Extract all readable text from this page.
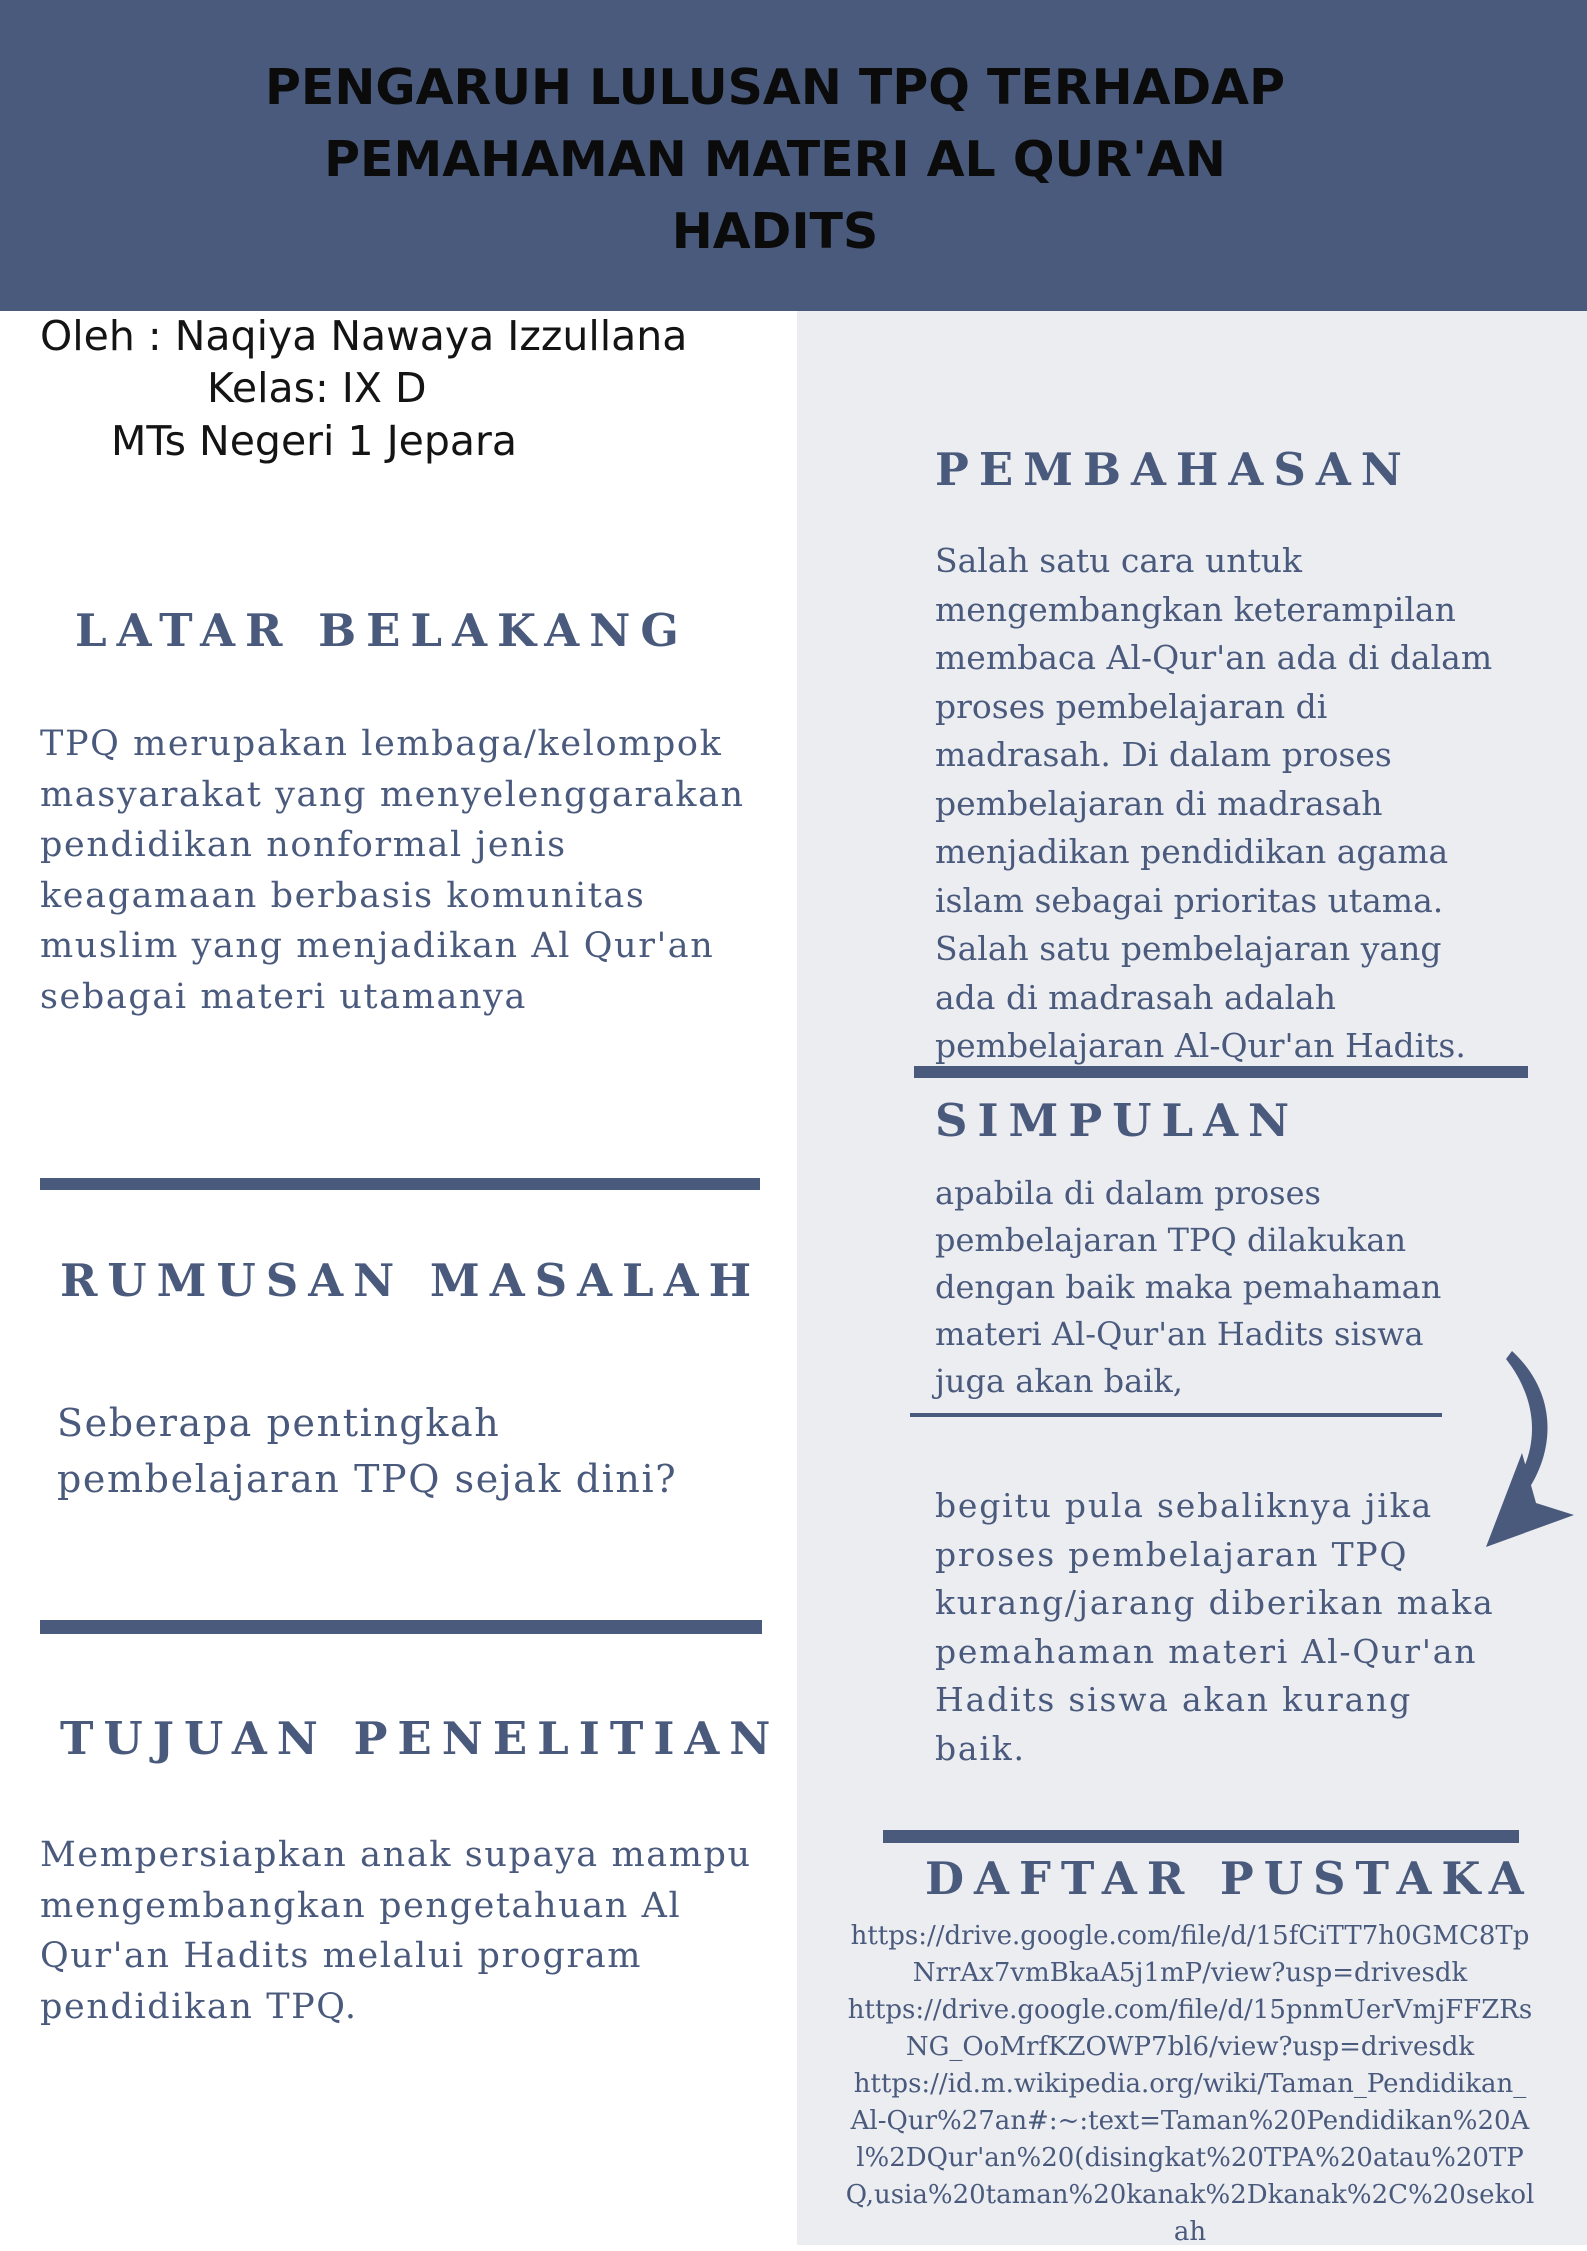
PENGARUH LULUSAN TPQ TERHADAP
PEMAHAMAN MATERI AL QUR'AN
HADITS

Oleh : Naqiya Nawaya Izzullana

Kelas: IX D

MTs Negeri 1 Jepara

LATAR BELAKANG

TPQ merupakan lembaga/kelompok masyarakat yang menyelenggarakan pendidikan nonformal jenis keagamaan berbasis komunitas muslim yang menjadikan Al Qur'an sebagai materi utamanya

RUMUSAN MASALAH

Seberapa pentingkah pembelajaran TPQ sejak dini?

TUJUAN PENELITIAN

Mempersiapkan anak supaya mampu mengembangkan pengetahuan Al Qur'an Hadits melalui program pendidikan TPQ.

PEMBAHASAN

Salah satu cara untuk mengembangkan keterampilan membaca Al-Qur'an ada di dalam proses pembelajaran di madrasah. Di dalam proses pembelajaran di madrasah menjadikan pendidikan agama islam sebagai prioritas utama. Salah satu pembelajaran yang ada di madrasah adalah pembelajaran Al-Qur'an Hadits.

SIMPULAN

apabila di dalam proses pembelajaran TPQ dilakukan dengan baik maka pemahaman materi Al-Qur'an Hadits siswa juga akan baik,

begitu pula sebaliknya jika proses pembelajaran TPQ kurang/jarang diberikan maka pemahaman materi Al-Qur'an Hadits siswa akan kurang baik.

DAFTAR PUSTAKA

https://drive.google.com/file/d/15fCiTT7h0GMC8TpNrrAx7vmBkaA5j1mP/view?usp=drivesdk
https://drive.google.com/file/d/15pnmUerVmjFFZRsNG_OoMrfKZOWP7bl6/view?usp=drivesdk
https://id.m.wikipedia.org/wiki/Taman_Pendidikan_Al-Qur%27an#:~:text=Taman%20Pendidikan%20Al%2DQur'an%20(disingkat%20TPA%20atau%20TPQ,usia%20taman%20kanak%2Dkanak%2C%20sekolah
